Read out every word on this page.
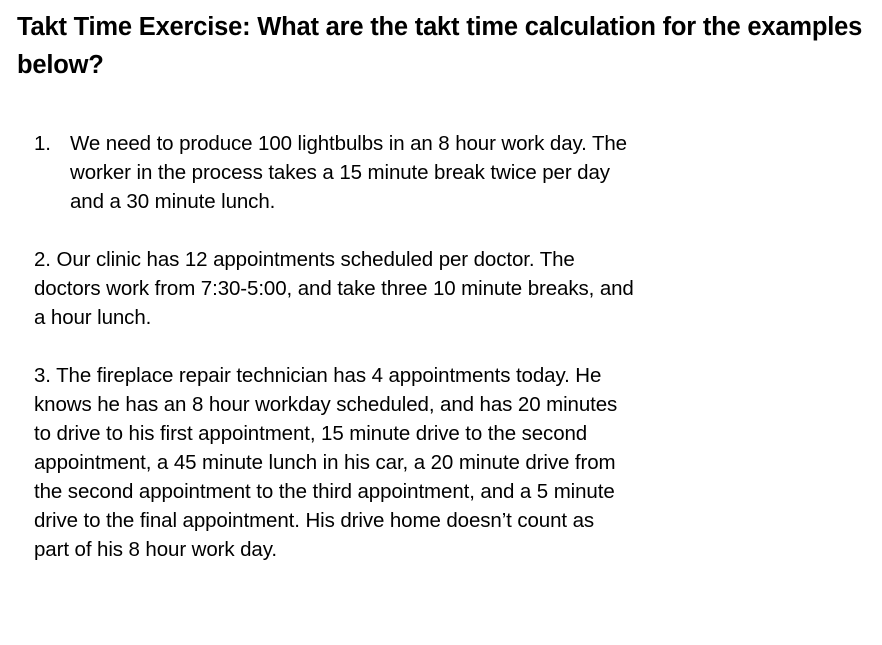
Takt Time Exercise: What are the takt time calculation for the examples below?
1. We need to produce 100 lightbulbs in an 8 hour work day. The worker in the process takes a 15 minute break twice per day and a 30 minute lunch.

2. Our clinic has 12 appointments scheduled per doctor. The doctors work from 7:30-5:00, and take three 10 minute breaks, and a hour lunch.

3. The fireplace repair technician has 4 appointments today. He knows he has an 8 hour workday scheduled, and has 20 minutes to drive to his first appointment, 15 minute drive to the second appointment, a 45 minute lunch in his car, a 20 minute drive from the second appointment to the third appointment, and a 5 minute drive to the final appointment. His drive home doesn’t count as part of his 8 hour work day.
